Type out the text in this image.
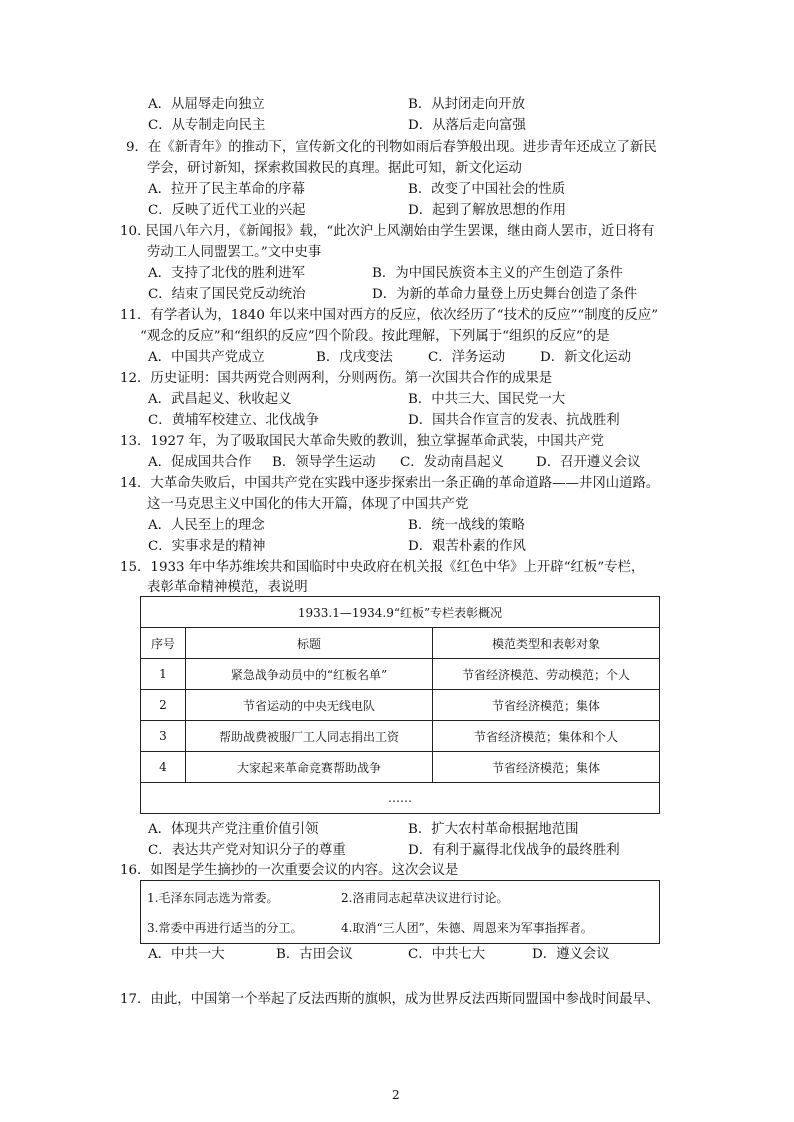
A．从屈辱走向独立	B．从封闭走向开放
C．从专制走向民主	D．从落后走向富强
9．在《新青年》的推动下，宣传新文化的刊物如雨后春笋般出现。进步青年还成立了新民
学会，研讨新知，探索救国救民的真理。据此可知，新文化运动
A．拉开了民主革命的序幕	B．改变了中国社会的性质
C．反映了近代工业的兴起	D．起到了解放思想的作用
10. 民国八年六月，《新闻报》载，“此次沪上风潮始由学生罢课，继由商人罢市，近日将有
劳动工人同盟罢工。”文中史事
A．支持了北伐的胜利进军	B．为中国民族资本主义的产生创造了条件
C．结束了国民党反动统治	D．为新的革命力量登上历史舞台创造了条件
11．有学者认为，1840 年以来中国对西方的反应，依次经历了“技术的反应”“制度的反应”
“观念的反应”和“组织的反应”四个阶段。按此理解，下列属于“组织的反应”的是
A．中国共产党成立	B．戊戌变法	C．洋务运动	D．新文化运动
12．历史证明：国共两党合则两利，分则两伤。第一次国共合作的成果是
A．武昌起义、秋收起义	B．中共三大、国民党一大
C．黄埔军校建立、北伐战争	D．国共合作宣言的发表、抗战胜利
13．1927 年，为了吸取国民大革命失败的教训，独立掌握革命武装，中国共产党
A．促成国共合作 B．领导学生运动 C．发动南昌起义 D．召开遵义会议
14．大革命失败后，中国共产党在实践中逐步探索出一条正确的革命道路——井冈山道路。
这一马克思主义中国化的伟大开篇，体现了中国共产党
A．人民至上的理念	B．统一战线的策略
C．实事求是的精神	D．艰苦朴素的作风
15．1933 年中华苏维埃共和国临时中央政府在机关报《红色中华》上开辟“红板”专栏，
表彰革命精神模范，表说明
1933.1—1934.9“红板”专栏表彰概况		
序号	标题	模范类型和表彰对象
1	紧急战争动员中的“红板名单”	节省经济模范、劳动模范；个人
2	节省运动的中央无线电队	节省经济模范；集体
3	帮助战费被服厂工人同志捐出工资	节省经济模范；集体和个人
4	大家起来革命竞赛帮助战争	节省经济模范；集体
……		
A．体现共产党注重价值引领	B．扩大农村革命根据地范围
C．表达共产党对知识分子的尊重	D．有利于赢得北伐战争的最终胜利
16．如图是学生摘抄的一次重要会议的内容。这次会议是
1.毛泽东同志选为常委。	2.洛甫同志起草决议进行讨论。
3.常委中再进行适当的分工。	4.取消“三人团”，朱德、周恩来为军事指挥者。
A．中共一大	B．古田会议	C．中共七大	D．遵义会议
17．由此，中国第一个举起了反法西斯的旗帜，成为世界反法西斯同盟国中参战时间最早、
2
